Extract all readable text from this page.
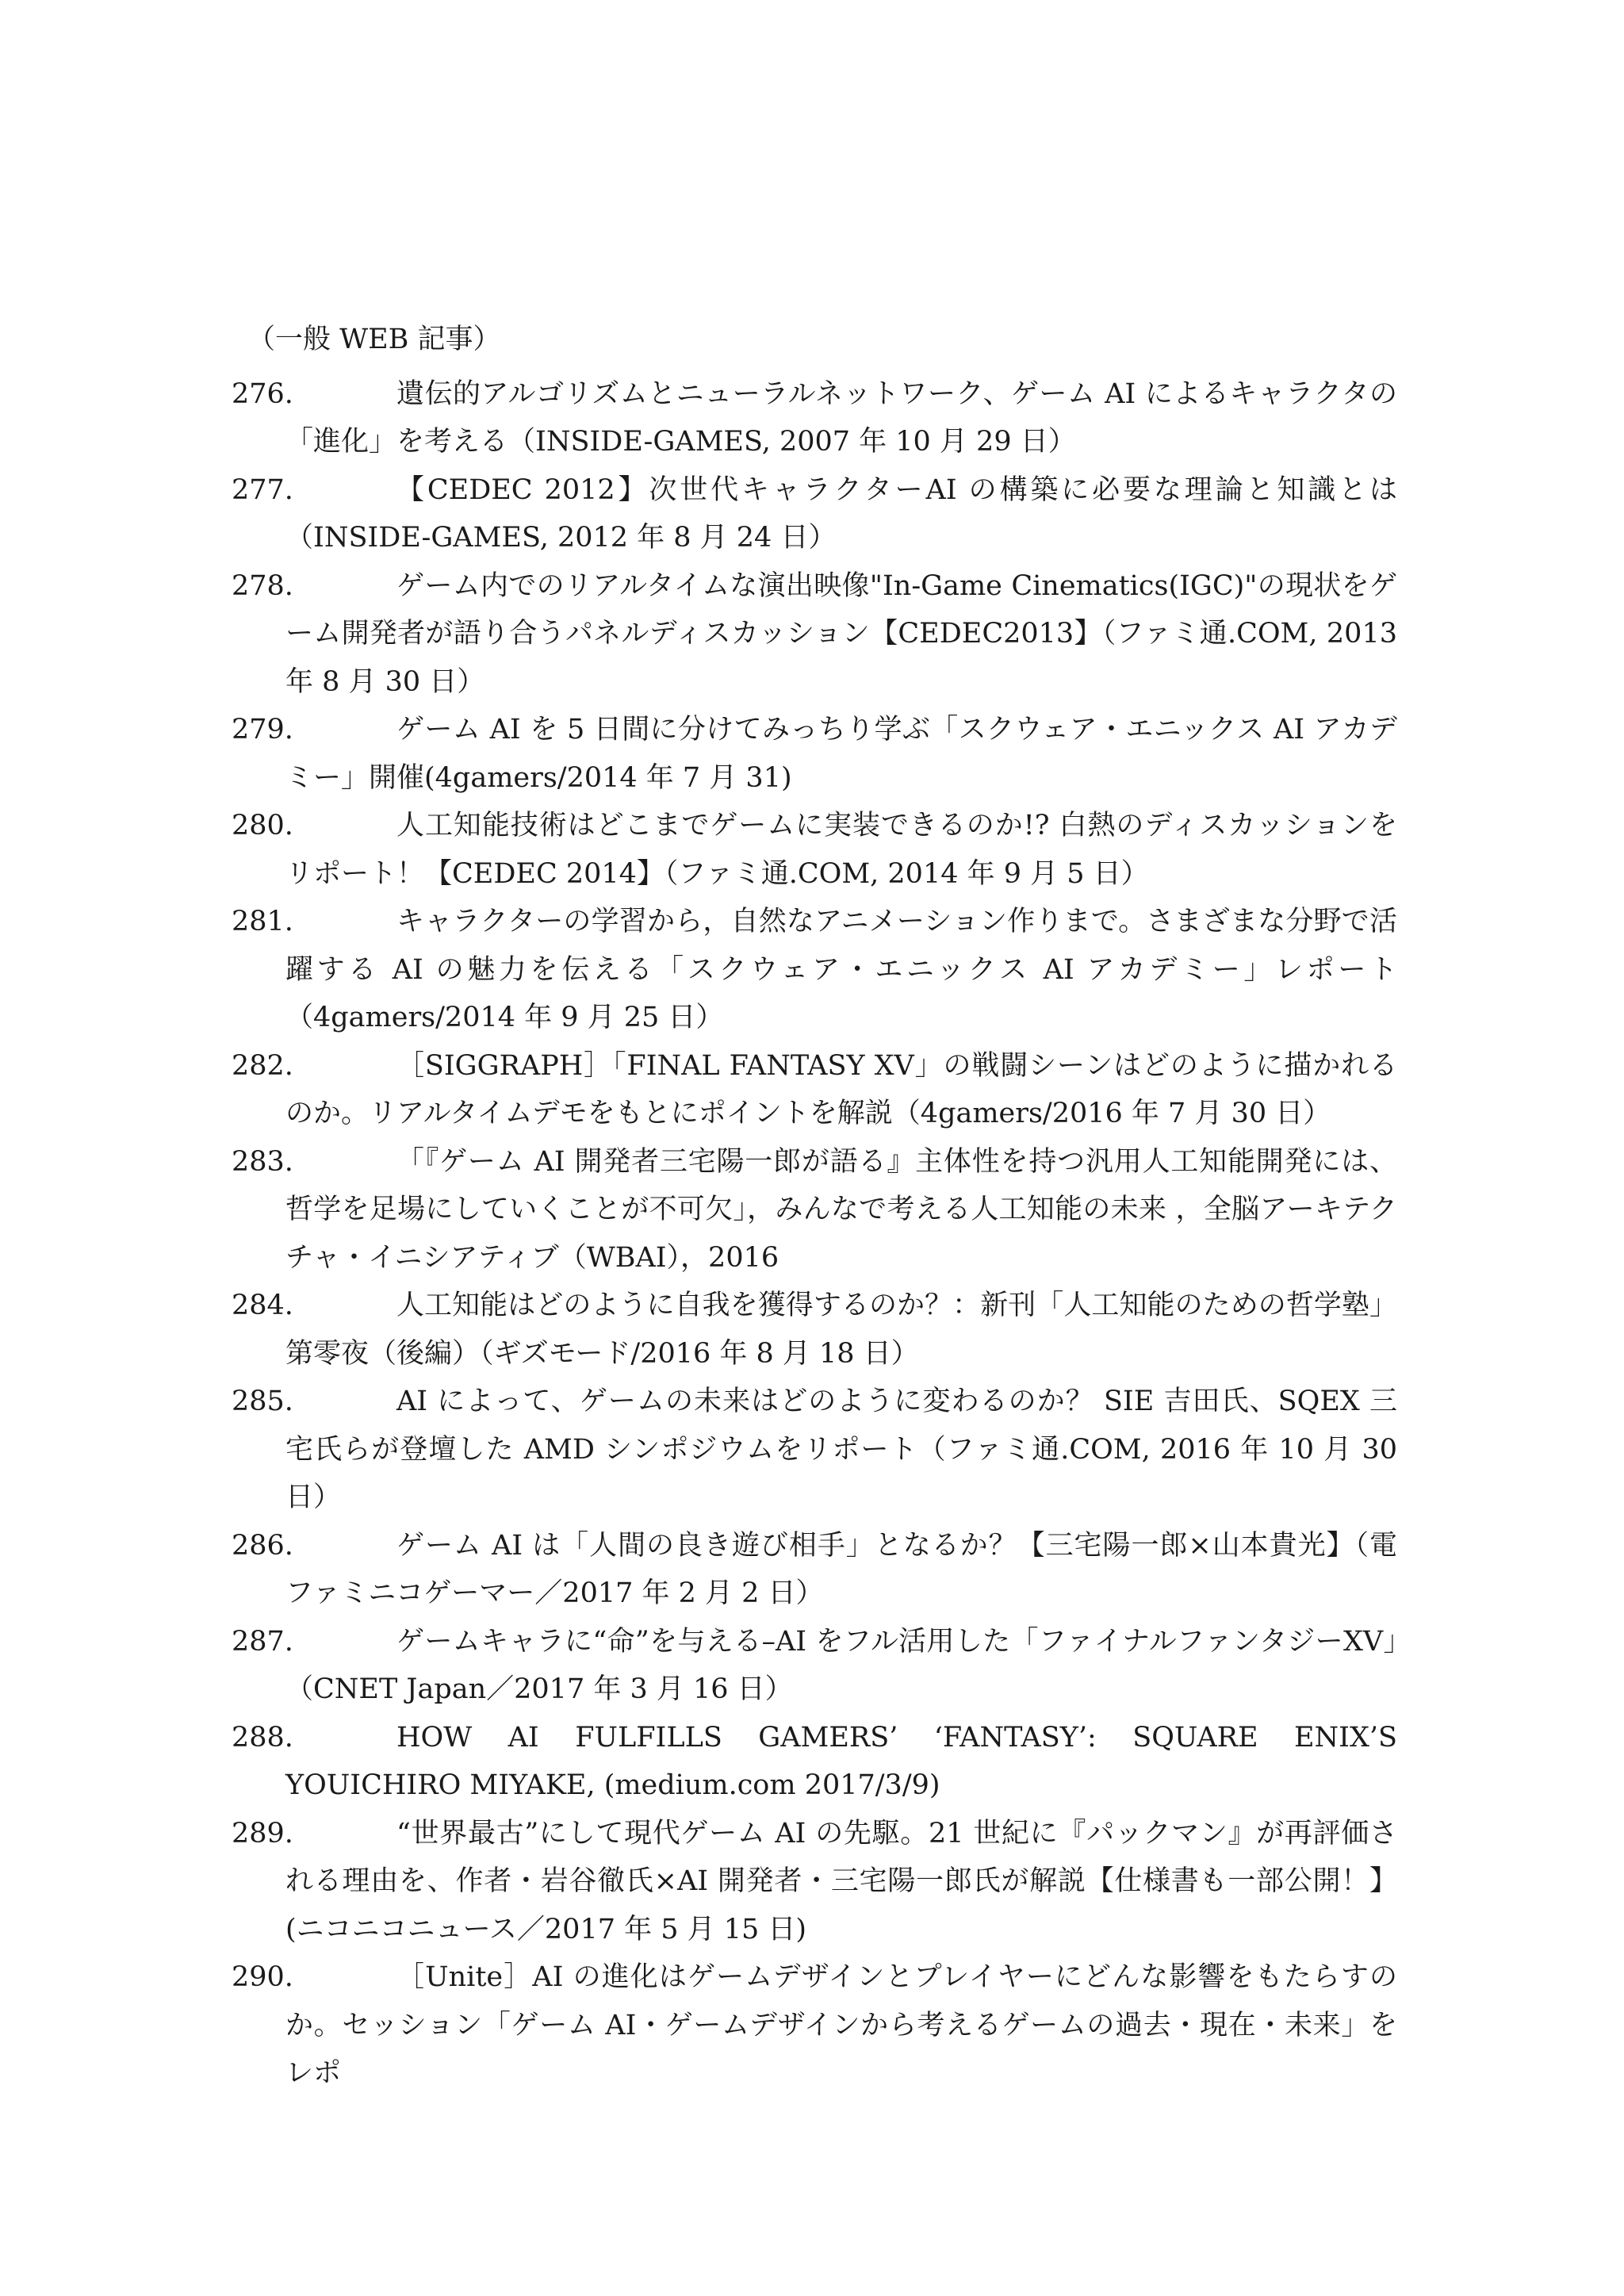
（一般 WEB 記事）
276.	遺伝的アルゴリズムとニューラルネットワーク、ゲーム AI によるキャラクタの「進化」を考える（INSIDE-GAMES, 2007 年 10 月 29 日）
277.	【CEDEC 2012】次世代キャラクターAI の構築に必要な理論と知識とは（INSIDE-GAMES, 2012 年 8 月 24 日）
278.	ゲーム内でのリアルタイムな演出映像"In-Game Cinematics(IGC)"の現状をゲーム開発者が語り合うパネルディスカッション【CEDEC2013】（ファミ通.COM, 2013 年 8 月 30 日）
279.	ゲーム AI を 5 日間に分けてみっちり学ぶ「スクウェア・エニックス AI アカデミー」開催(4gamers/2014 年 7 月 31)
280.	人工知能技術はどこまでゲームに実装できるのか!? 白熱のディスカッションをリポート！【CEDEC 2014】（ファミ通.COM, 2014 年 9 月 5 日）
281.	キャラクターの学習から，自然なアニメーション作りまで。さまざまな分野で活躍する AI の魅力を伝える「スクウェア・エニックス AI アカデミー」レポート（4gamers/2014 年 9 月 25 日）
282.	［SIGGRAPH］「FINAL FANTASY XV」の戦闘シーンはどのように描かれるのか。リアルタイムデモをもとにポイントを解説（4gamers/2016 年 7 月 30 日）
283.	「『ゲーム AI 開発者三宅陽一郎が語る』主体性を持つ汎用人工知能開発には、哲学を足場にしていくことが不可欠」，みんなで考える人工知能の未来 ，全脳アーキテクチャ・イニシアティブ（WBAI），2016
284.	人工知能はどのように自我を獲得するのか？：新刊「人工知能のための哲学塾」第零夜（後編）（ギズモード/2016 年 8 月 18 日）
285.	AI によって、ゲームの未来はどのように変わるのか？ SIE 吉田氏、SQEX 三宅氏らが登壇した AMD シンポジウムをリポート（ファミ通.COM, 2016 年 10 月 30 日）
286.	ゲーム AI は「人間の良き遊び相手」となるか？【三宅陽一郎×山本貴光】（電ファミニコゲーマー／2017 年 2 月 2 日）
287.	ゲームキャラに“命”を与える–AI をフル活用した「ファイナルファンタジーXV」（CNET Japan／2017 年 3 月 16 日）
288.	HOW AI FULFILLS GAMERS’ ‘FANTASY’: SQUARE ENIX’S YOUICHIRO MIYAKE, (medium.com 2017/3/9)
289.	“世界最古”にして現代ゲーム AI の先駆。21 世紀に『パックマン』が再評価される理由を、作者・岩谷徹氏×AI 開発者・三宅陽一郎氏が解説【仕様書も一部公開！】(ニコニコニュース／2017 年 5 月 15 日)
290.	［Unite］AI の進化はゲームデザインとプレイヤーにどんな影響をもたらすのか。セッション「ゲーム AI・ゲームデザインから考えるゲームの過去・現在・未来」をレポ
